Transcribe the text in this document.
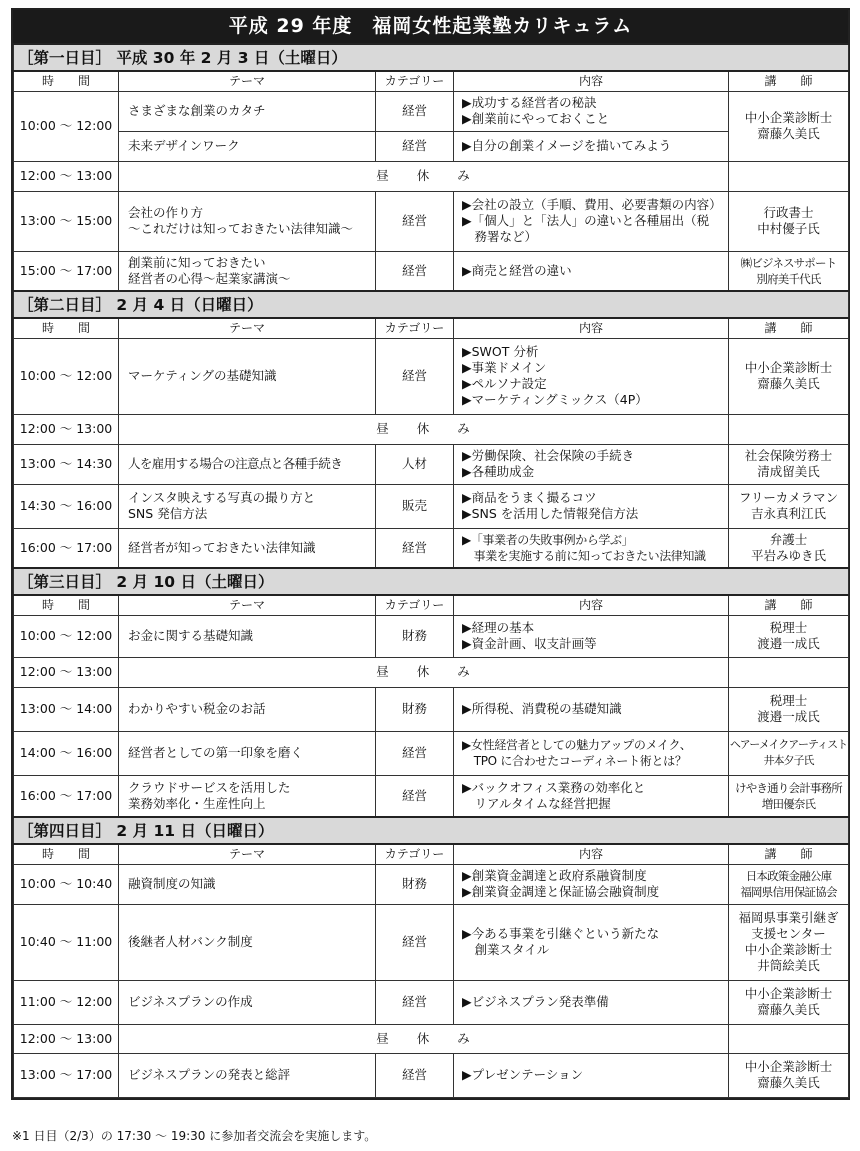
平成 29 年度　福岡女性起業塾カリキュラム
［第一日目］ 平成 30 年 2 月 3 日（土曜日）				
時　　間	テーマ	カテゴリー	内容	講　　師
10:00 ～ 12:00	さまざまな創業のカタチ	経営	▶成功する経営者の秘訣
▶創業前にやっておくこと	中小企業診断士
齋藤久美氏
	未来デザインワーク	経営	▶自分の創業イメージを描いてみよう	
12:00 ～ 13:00	昼　　休　　み			
13:00 ～ 15:00	会社の作り方
～これだけは知っておきたい法律知識～	経営	▶会社の設立（手順、費用、必要書類の内容）
▶「個人」と「法人」の違いと各種届出（税
　務署など）	行政書士
中村優子氏
15:00 ～ 17:00	創業前に知っておきたい
経営者の心得～起業家講演～	経営	▶商売と経営の違い	㈱ビジネスサポート
別府美千代氏
［第二日目］ 2 月 4 日（日曜日）				
時　　間	テーマ	カテゴリー	内容	講　　師
10:00 ～ 12:00	マーケティングの基礎知識	経営	▶SWOT 分析
▶事業ドメイン
▶ペルソナ設定
▶マーケティングミックス（4P）	中小企業診断士
齋藤久美氏
12:00 ～ 13:00	昼　　休　　み			
13:00 ～ 14:30	人を雇用する場合の注意点と各種手続き	人材	▶労働保険、社会保険の手続き
▶各種助成金	社会保険労務士
清成留美氏
14:30 ～ 16:00	インスタ映えする写真の撮り方と
SNS 発信方法	販売	▶商品をうまく撮るコツ
▶SNS を活用した情報発信方法	フリーカメラマン
吉永真利江氏
16:00 ～ 17:00	経営者が知っておきたい法律知識	経営	▶「事業者の失敗事例から学ぶ」
　事業を実施する前に知っておきたい法律知識	弁護士
平岩みゆき氏
［第三日目］ 2 月 10 日（土曜日）				
時　　間	テーマ	カテゴリー	内容	講　　師
10:00 ～ 12:00	お金に関する基礎知識	財務	▶経理の基本
▶資金計画、収支計画等	税理士
渡邉一成氏
12:00 ～ 13:00	昼　　休　　み			
13:00 ～ 14:00	わかりやすい税金のお話	財務	▶所得税、消費税の基礎知識	税理士
渡邉一成氏
14:00 ～ 16:00	経営者としての第一印象を磨く	経営	▶女性経営者としての魅力アップのメイク、
　TPO に合わせたコーディネート術とは？	ヘアーメイクアーティスト
井本夕子氏
16:00 ～ 17:00	クラウドサービスを活用した
業務効率化・生産性向上	経営	▶バックオフィス業務の効率化と
　リアルタイムな経営把握	けやき通り会計事務所
増田優奈氏
［第四日目］ 2 月 11 日（日曜日）				
時　　間	テーマ	カテゴリー	内容	講　　師
10:00 ～ 10:40	融資制度の知識	財務	▶創業資金調達と政府系融資制度
▶創業資金調達と保証協会融資制度	日本政策金融公庫
福岡県信用保証協会
10:40 ～ 11:00	後継者人材バンク制度	経営	▶今ある事業を引継ぐという新たな
　創業スタイル	福岡県事業引継ぎ
支援センター
中小企業診断士
井筒絵美氏
11:00 ～ 12:00	ビジネスプランの作成	経営	▶ビジネスプラン発表準備	中小企業診断士
齋藤久美氏
12:00 ～ 13:00	昼　　休　　み			
13:00 ～ 17:00	ビジネスプランの発表と総評	経営	▶プレゼンテーション	中小企業診断士
齋藤久美氏
※1 日目（2/3）の 17:30 〜 19:30 に参加者交流会を実施します。
